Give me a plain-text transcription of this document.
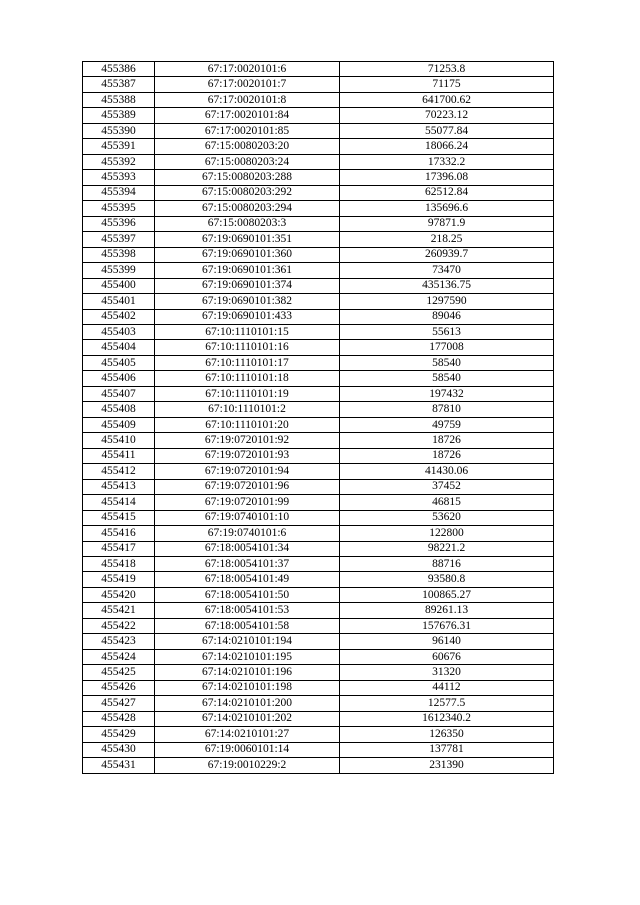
455386	67:17:0020101:6	71253.8
455387	67:17:0020101:7	71175
455388	67:17:0020101:8	641700.62
455389	67:17:0020101:84	70223.12
455390	67:17:0020101:85	55077.84
455391	67:15:0080203:20	18066.24
455392	67:15:0080203:24	17332.2
455393	67:15:0080203:288	17396.08
455394	67:15:0080203:292	62512.84
455395	67:15:0080203:294	135696.6
455396	67:15:0080203:3	97871.9
455397	67:19:0690101:351	218.25
455398	67:19:0690101:360	260939.7
455399	67:19:0690101:361	73470
455400	67:19:0690101:374	435136.75
455401	67:19:0690101:382	1297590
455402	67:19:0690101:433	89046
455403	67:10:1110101:15	55613
455404	67:10:1110101:16	177008
455405	67:10:1110101:17	58540
455406	67:10:1110101:18	58540
455407	67:10:1110101:19	197432
455408	67:10:1110101:2	87810
455409	67:10:1110101:20	49759
455410	67:19:0720101:92	18726
455411	67:19:0720101:93	18726
455412	67:19:0720101:94	41430.06
455413	67:19:0720101:96	37452
455414	67:19:0720101:99	46815
455415	67:19:0740101:10	53620
455416	67:19:0740101:6	122800
455417	67:18:0054101:34	98221.2
455418	67:18:0054101:37	88716
455419	67:18:0054101:49	93580.8
455420	67:18:0054101:50	100865.27
455421	67:18:0054101:53	89261.13
455422	67:18:0054101:58	157676.31
455423	67:14:0210101:194	96140
455424	67:14:0210101:195	60676
455425	67:14:0210101:196	31320
455426	67:14:0210101:198	44112
455427	67:14:0210101:200	12577.5
455428	67:14:0210101:202	1612340.2
455429	67:14:0210101:27	126350
455430	67:19:0060101:14	137781
455431	67:19:0010229:2	231390
